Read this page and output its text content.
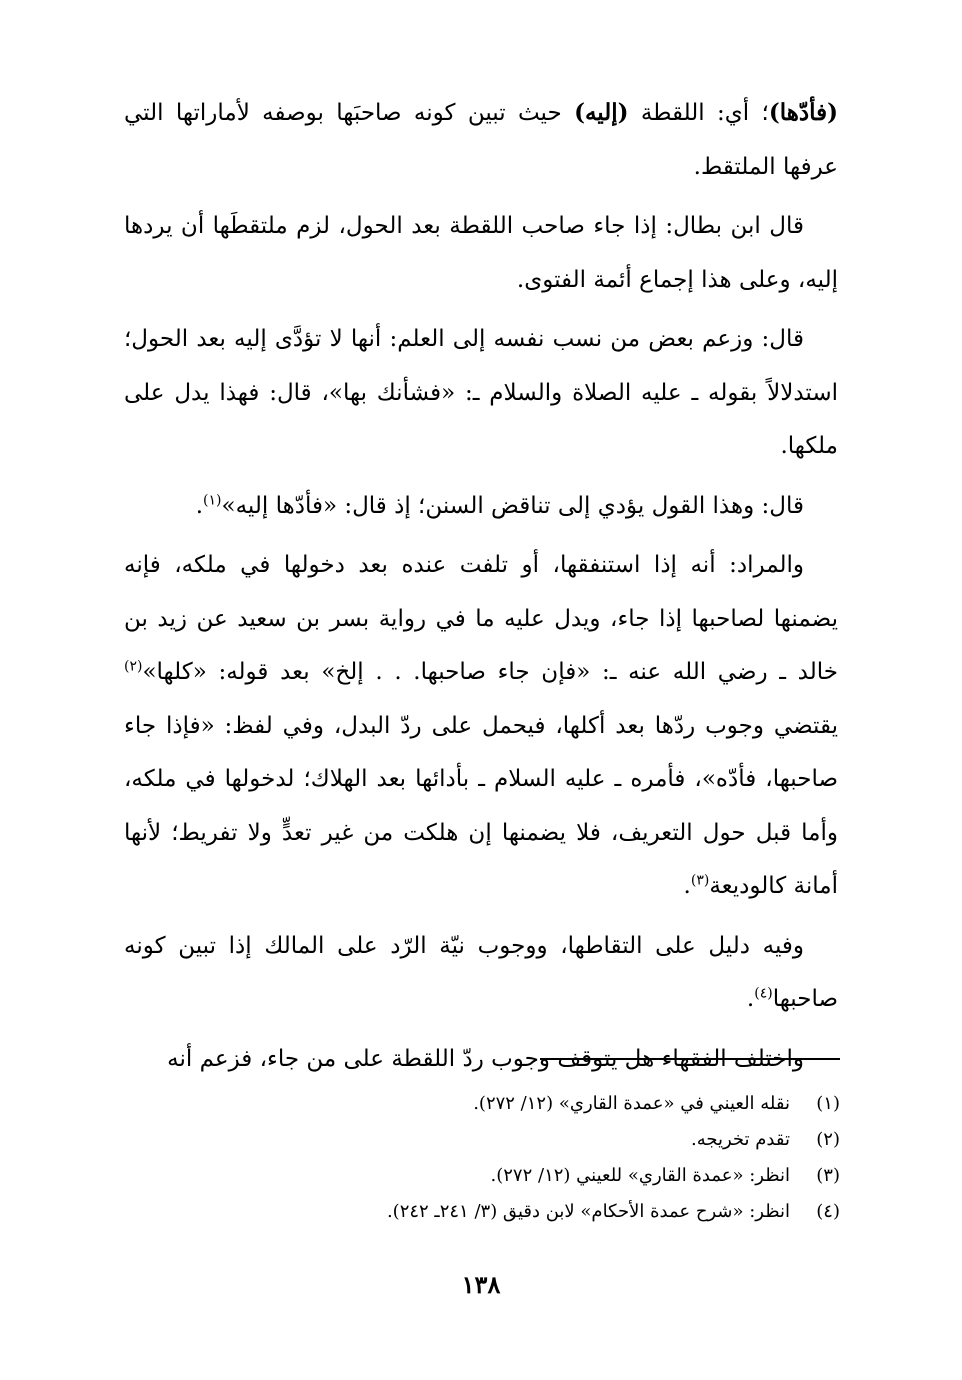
(فأدّها)؛ أي: اللقطة (إليه) حيث تبين كونه صاحبَها بوصفه لأماراتها التي عرفها الملتقط.

قال ابن بطال: إذا جاء صاحب اللقطة بعد الحول، لزم ملتقطَها أن يردها إليه، وعلى هذا إجماع أئمة الفتوى.

قال: وزعم بعض من نسب نفسه إلى العلم: أنها لا تؤدَّى إليه بعد الحول؛ استدلالاً بقوله ـ عليه الصلاة والسلام ـ: «فشأنك بها»، قال: فهذا يدل على ملكها.

قال: وهذا القول يؤدي إلى تناقض السنن؛ إذ قال: «فأدّها إليه»$^{(١)}$.

والمراد: أنه إذا استنفقها، أو تلفت عنده بعد دخولها في ملكه، فإنه يضمنها لصاحبها إذا جاء، ويدل عليه ما في رواية بسر بن سعيد عن زيد بن خالد ـ رضي الله عنه ـ: «فإن جاء صاحبها. . . إلخ» بعد قوله: «كلها»$^{(٢)}$ يقتضي وجوب ردّها بعد أكلها، فيحمل على ردّ البدل، وفي لفظ: «فإذا جاء صاحبها، فأدّه»، فأمره ـ عليه السلام ـ بأدائها بعد الهلاك؛ لدخولها في ملكه، وأما قبل حول التعريف، فلا يضمنها إن هلكت من غير تعدٍّ ولا تفريط؛ لأنها أمانة كالوديعة$^{(٣)}$.

وفيه دليل على التقاطها، ووجوب نيّة الرّد على المالك إذا تبين كونه صاحبها$^{(٤)}$.

واختلف الفقهاء هل يتوقف وجوب ردّ اللقطة على من جاء، فزعم أنه

(١)
نقله العيني في «عمدة القاري» (١٢/ ٢٧٢).
(٢)
تقدم تخريجه.
(٣)
انظر: «عمدة القاري» للعيني (١٢/ ٢٧٢).
(٤)
انظر: «شرح عمدة الأحكام» لابن دقيق (٣/ ٢٤١ـ ٢٤٢).
١٣٨
